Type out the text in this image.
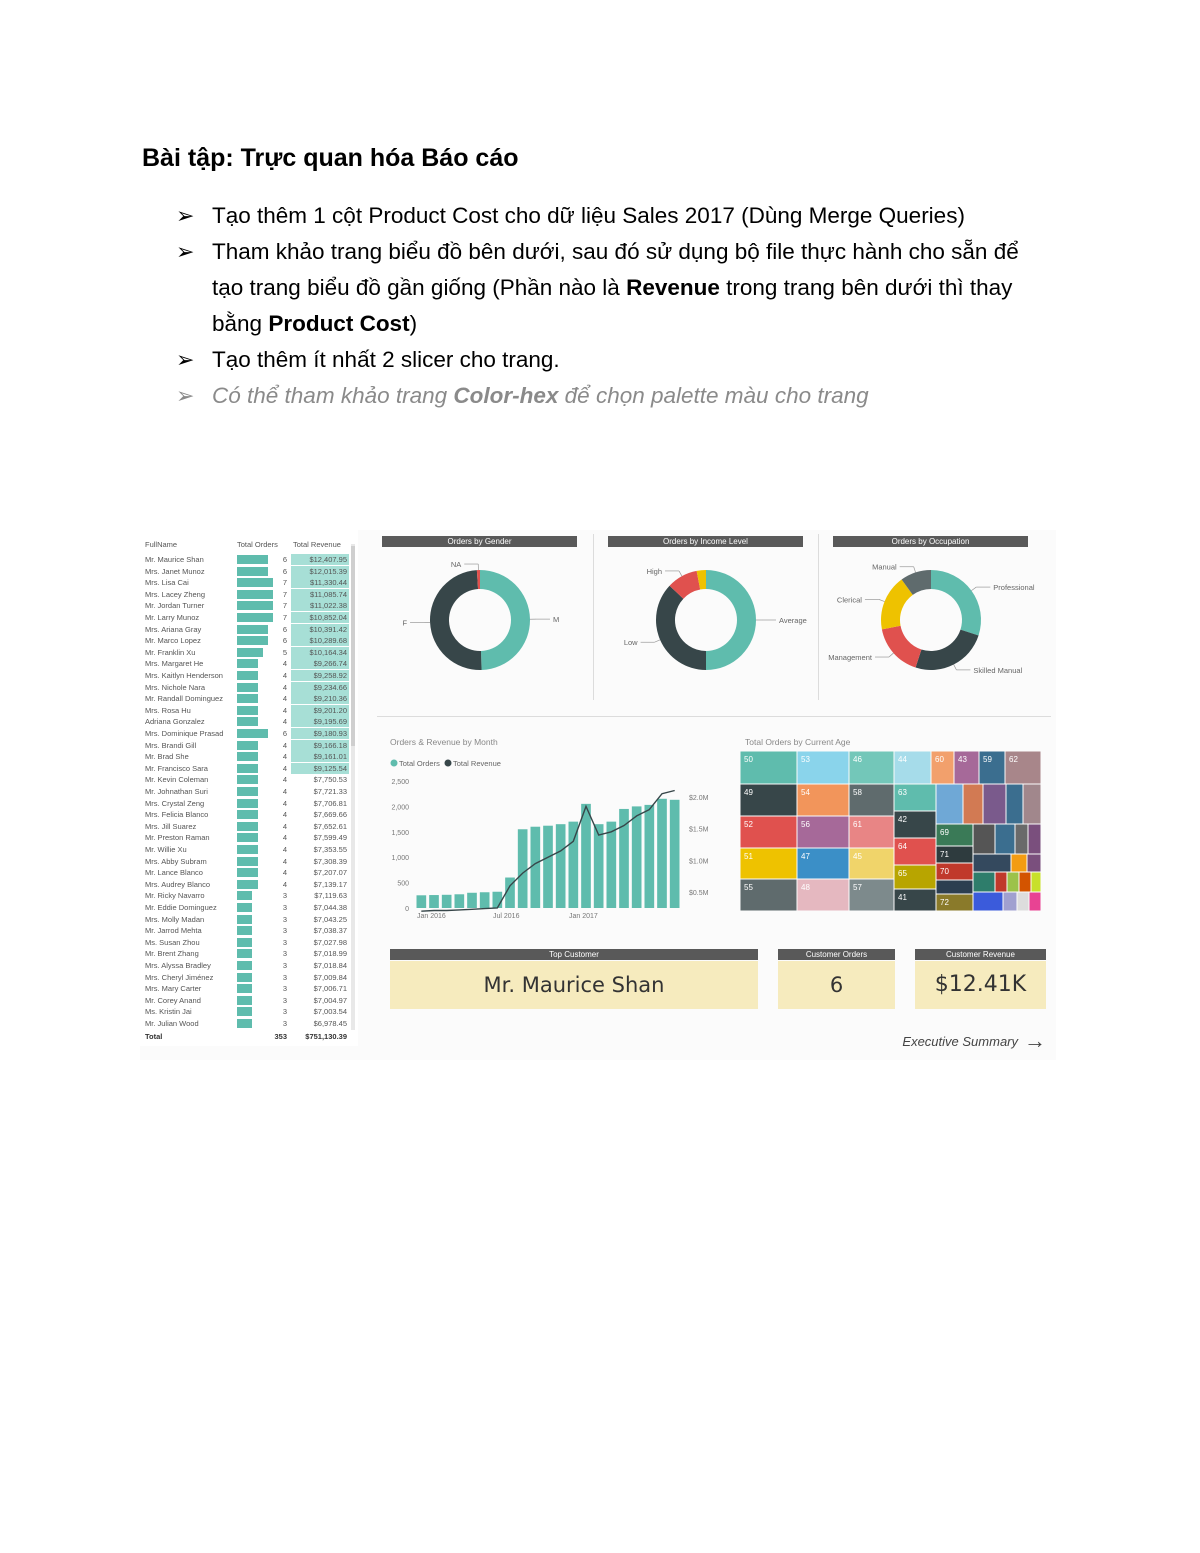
Bài tập: Trực quan hóa Báo cáo
➢ Tạo thêm 1 cột Product Cost cho dữ liệu Sales 2017 (Dùng Merge Queries)
➢ Tham khảo trang biểu đồ bên dưới, sau đó sử dụng bộ file thực hành cho sẵn để tạo trang biểu đồ gần giống (Phần nào là Revenue trong trang bên dưới thì thay bằng Product Cost)
➢ Tạo thêm ít nhất 2 slicer cho trang.
➢ Có thể tham khảo trang Color-hex để chọn palette màu cho trang
FullName	Total Orders Total Revenue
Mr. Maurice Shan	6	$12,407.95
Mrs. Janet Munoz	6	$12,015.39
Mrs. Lisa Cai	7	$11,330.44
Mrs. Lacey Zheng	7	$11,085.74
Mr. Jordan Turner	7	$11,022.38
Mr. Larry Munoz	7	$10,852.04
Mrs. Ariana Gray	6	$10,391.42
Mr. Marco Lopez	6	$10,289.68
Mr. Franklin Xu	5	$10,164.34
Mrs. Margaret He	4	$9,266.74
Mrs. Kaitlyn Henderson	4	$9,258.92
Mrs. Nichole Nara	4	$9,234.66
Mr. Randall Dominguez	4	$9,210.36
Mrs. Rosa Hu	4	$9,201.20
Adriana Gonzalez	4	$9,195.69
Mrs. Dominique Prasad	6	$9,180.93
Mrs. Brandi Gill	4	$9,166.18
Mr. Brad She	4	$9,161.01
Mr. Francisco Sara	4	$9,125.54
Mr. Kevin Coleman	4	$7,750.53
Mr. Johnathan Suri	4	$7,721.33
Mrs. Crystal Zeng	4	$7,706.81
Mrs. Felicia Blanco	4	$7,669.66
Mrs. Jill Suarez	4	$7,652.61
Mr. Preston Raman	4	$7,599.49
Mr. Willie Xu	4	$7,353.55
Mrs. Abby Subram	4	$7,308.39
Mr. Lance Blanco	4	$7,207.07
Mrs. Audrey Blanco	4	$7,139.17
Mr. Ricky Navarro	3	$7,119.63
Mr. Eddie Dominguez	3	$7,044.38
Mrs. Molly Madan	3	$7,043.25
Mr. Jarrod Mehta	3	$7,038.37
Ms. Susan Zhou	3	$7,027.98
Mr. Brent Zhang	3	$7,018.99
Mrs. Alyssa Bradley	3	$7,018.84
Mrs. Cheryl Jiménez	3	$7,009.84
Mrs. Mary Carter	3	$7,006.71
Mr. Corey Anand	3	$7,004.97
Ms. Kristin Jai	3	$7,003.54
Mr. Julian Wood	3	$6,978.45
Total	353	$751,130.39
Orders by Gender	Orders by Income Level	Orders by Occupation
M
F
NA
Average
Low
High
Professional
Skilled Manual
Management
Clerical
Manual
Orders & Revenue by Month
Total Orders Total Revenue
0
500
1,000
1,500
2,000
2,500
$0.5M
$1.0M
$1.5M
$2.0M
Jan 2016	Jul 2016	Jan 2017
Total Orders by Current Age
50	53	46	44	60 43 59 62
49	54	58	63
52	56	61
42
51	47	45
64
69
71
55	48	57
65
41
70
72
Top Customer
Mr. Maurice Shan
Customer Orders
6
Customer Revenue
$12.41K
Executive Summary →
